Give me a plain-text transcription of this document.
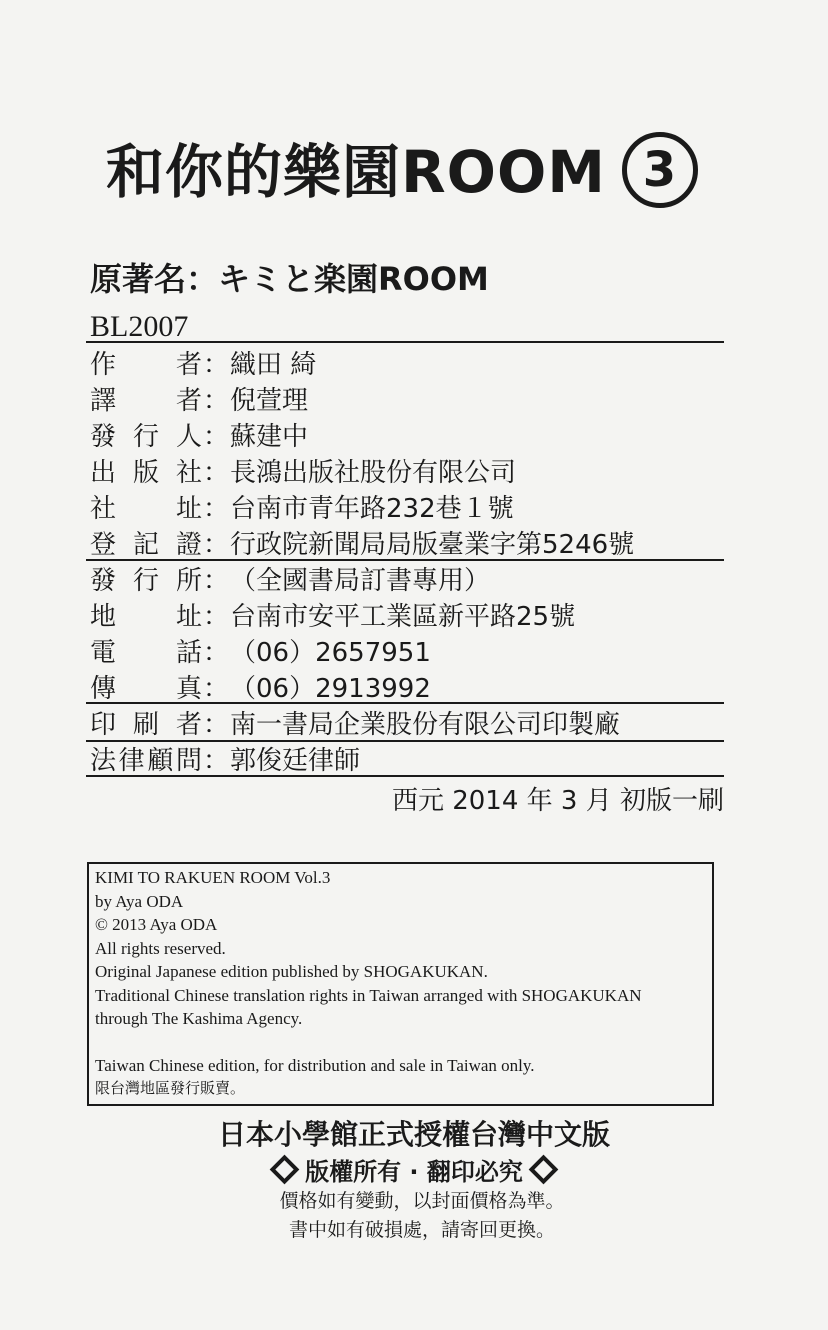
和你的樂園ROOM 3
原著名：キミと楽園ROOM
BL2007
作 者 ： 織田 綺
譯 者 ： 倪萱理
發 行 人 ： 蘇建中
出 版 社 ： 長鴻出版社股份有限公司
社 址 ： 台南市青年路232巷１號
登 記 證 ： 行政院新聞局局版臺業字第5246號
發 行 所 ： （全國書局訂書專用）
地 址 ： 台南市安平工業區新平路25號
電 話 ： （06）2657951
傳 真 ： （06）2913992
印 刷 者 ： 南一書局企業股份有限公司印製廠
法 律 顧 問 ： 郭俊廷律師
西元 2014 年 3 月 初版一刷
KIMI TO RAKUEN ROOM Vol.3
by Aya ODA
© 2013 Aya ODA
All rights reserved.
Original Japanese edition published by SHOGAKUKAN.
Traditional Chinese translation rights in Taiwan arranged with SHOGAKUKAN
through The Kashima Agency.
Taiwan Chinese edition, for distribution and sale in Taiwan only.
限台灣地區發行販賣。
日本小學館正式授權台灣中文版
版權所有 · 翻印必究
價格如有變動，以封面價格為準。
書中如有破損處，請寄回更換。
